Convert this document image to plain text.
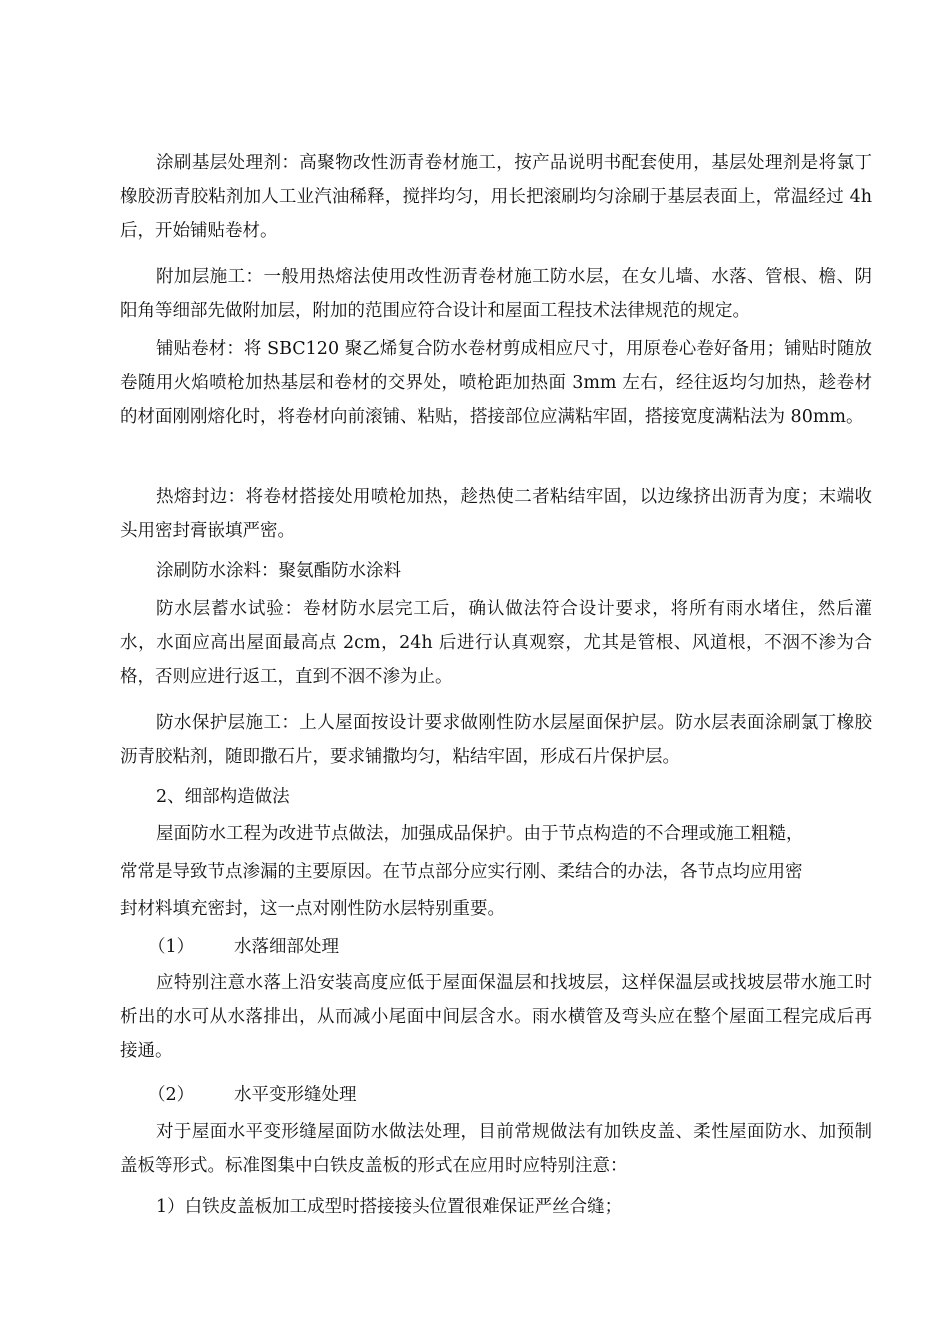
涂刷基层处理剂：高聚物改性沥青卷材施工，按产品说明书配套使用，基层处理剂是将氯丁橡胶沥青胶粘剂加人工业汽油稀释，搅拌均匀，用长把滚刷均匀涂刷于基层表面上，常温经过 4h 后，开始铺贴卷材。
附加层施工：一般用热熔法使用改性沥青卷材施工防水层，在女儿墙、水落、管根、檐、阴阳角等细部先做附加层，附加的范围应符合设计和屋面工程技术法律规范的规定。
铺贴卷材：将 SBC120 聚乙烯复合防水卷材剪成相应尺寸，用原卷心卷好备用；铺贴时随放卷随用火焰喷枪加热基层和卷材的交界处，喷枪距加热面 3mm 左右，经往返均匀加热，趁卷材的材面刚刚熔化时，将卷材向前滚铺、粘贴，搭接部位应满粘牢固，搭接宽度满粘法为 80mm。
热熔封边：将卷材搭接处用喷枪加热，趁热使二者粘结牢固，以边缘挤出沥青为度；末端收头用密封膏嵌填严密。
涂刷防水涂料：聚氨酯防水涂料
防水层蓄水试验：卷材防水层完工后，确认做法符合设计要求，将所有雨水堵住，然后灌水，水面应高出屋面最高点 2cm，24h 后进行认真观察，尤其是管根、风道根，不洇不渗为合格，否则应进行返工，直到不洇不渗为止。
防水保护层施工：上人屋面按设计要求做刚性防水层屋面保护层。防水层表面涂刷氯丁橡胶沥青胶粘剂，随即撒石片，要求铺撒均匀，粘结牢固，形成石片保护层。
2、细部构造做法
屋面防水工程为改进节点做法，加强成品保护。由于节点构造的不合理或施工粗糙，
常常是导致节点渗漏的主要原因。在节点部分应实行刚、柔结合的办法，各节点均应用密
封材料填充密封，这一点对刚性防水层特别重要。
（1） 水落细部处理
应特别注意水落上沿安装高度应低于屋面保温层和找坡层，这样保温层或找坡层带水施工时析出的水可从水落排出，从而减小尾面中间层含水。雨水横管及弯头应在整个屋面工程完成后再接通。
（2） 水平变形缝处理
对于屋面水平变形缝屋面防水做法处理，目前常规做法有加铁皮盖、柔性屋面防水、加预制盖板等形式。标准图集中白铁皮盖板的形式在应用时应特别注意：
1）白铁皮盖板加工成型时搭接接头位置很难保证严丝合缝；
